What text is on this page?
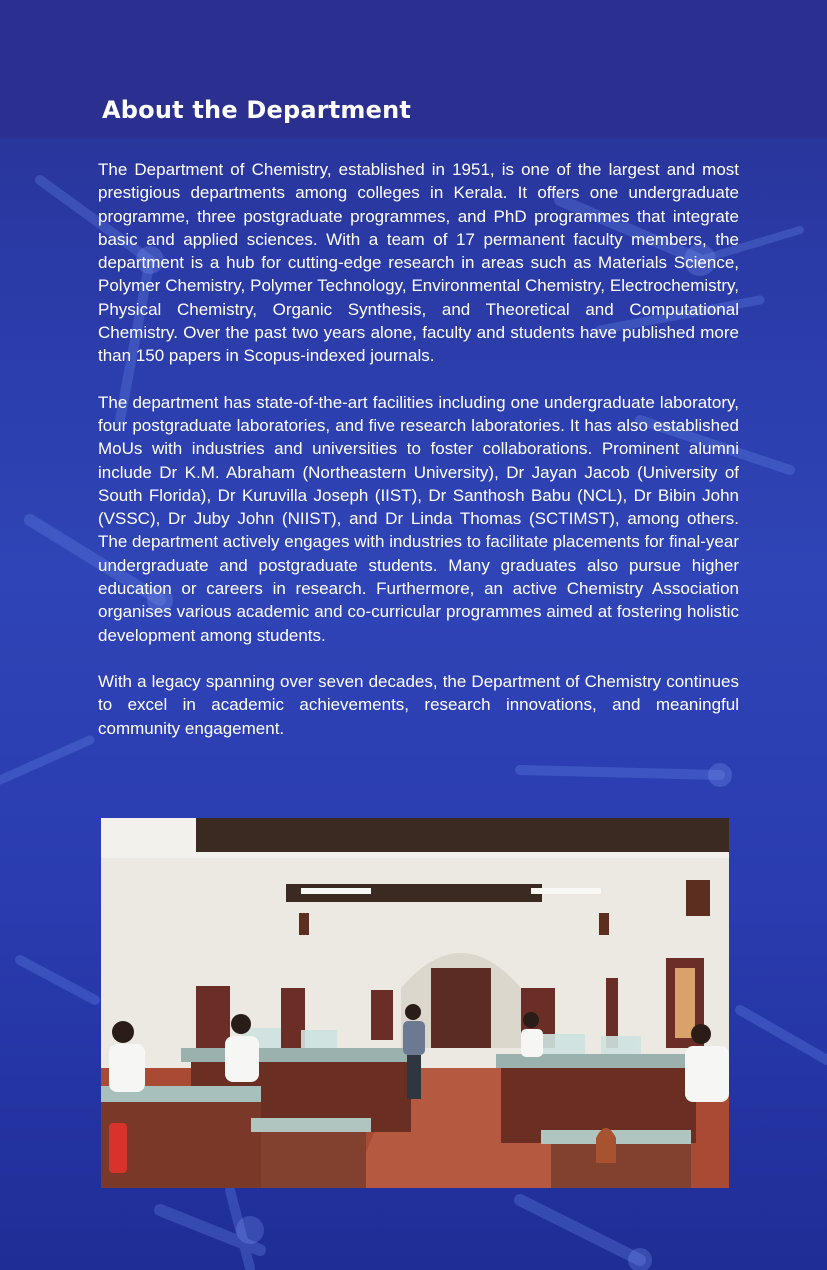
About the Department

The Department of Chemistry, established in 1951, is one of the largest and most prestigious departments among colleges in Kerala. It offers one undergraduate programme, three postgraduate programmes, and PhD programmes that integrate basic and applied sciences. With a team of 17 permanent faculty members, the department is a hub for cutting-edge research in areas such as Materials Science, Polymer Chemistry, Polymer Technology, Environmental Chemistry, Electrochemistry, Physical Chemistry, Organic Synthesis, and Theoretical and Computational Chemistry. Over the past two years alone, faculty and students have published more than 150 papers in Scopus-indexed journals.

The department has state-of-the-art facilities including one undergraduate laboratory, four postgraduate laboratories, and five research laboratories. It has also established MoUs with industries and universities to foster collaborations. Prominent alumni include Dr K.M. Abraham (Northeastern University), Dr Jayan Jacob (University of South Florida), Dr Kuruvilla Joseph (IIST), Dr Santhosh Babu (NCL), Dr Bibin John (VSSC), Dr Juby John (NIIST), and Dr Linda Thomas (SCTIMST), among others. The department actively engages with industries to facilitate placements for final-year undergraduate and postgraduate students. Many graduates also pursue higher education or careers in research. Furthermore, an active Chemistry Association organises various academic and co-curricular programmes aimed at fostering holistic development among students.

With a legacy spanning over seven decades, the Department of Chemistry continues to excel in academic achievements, research innovations, and meaningful community engagement.
